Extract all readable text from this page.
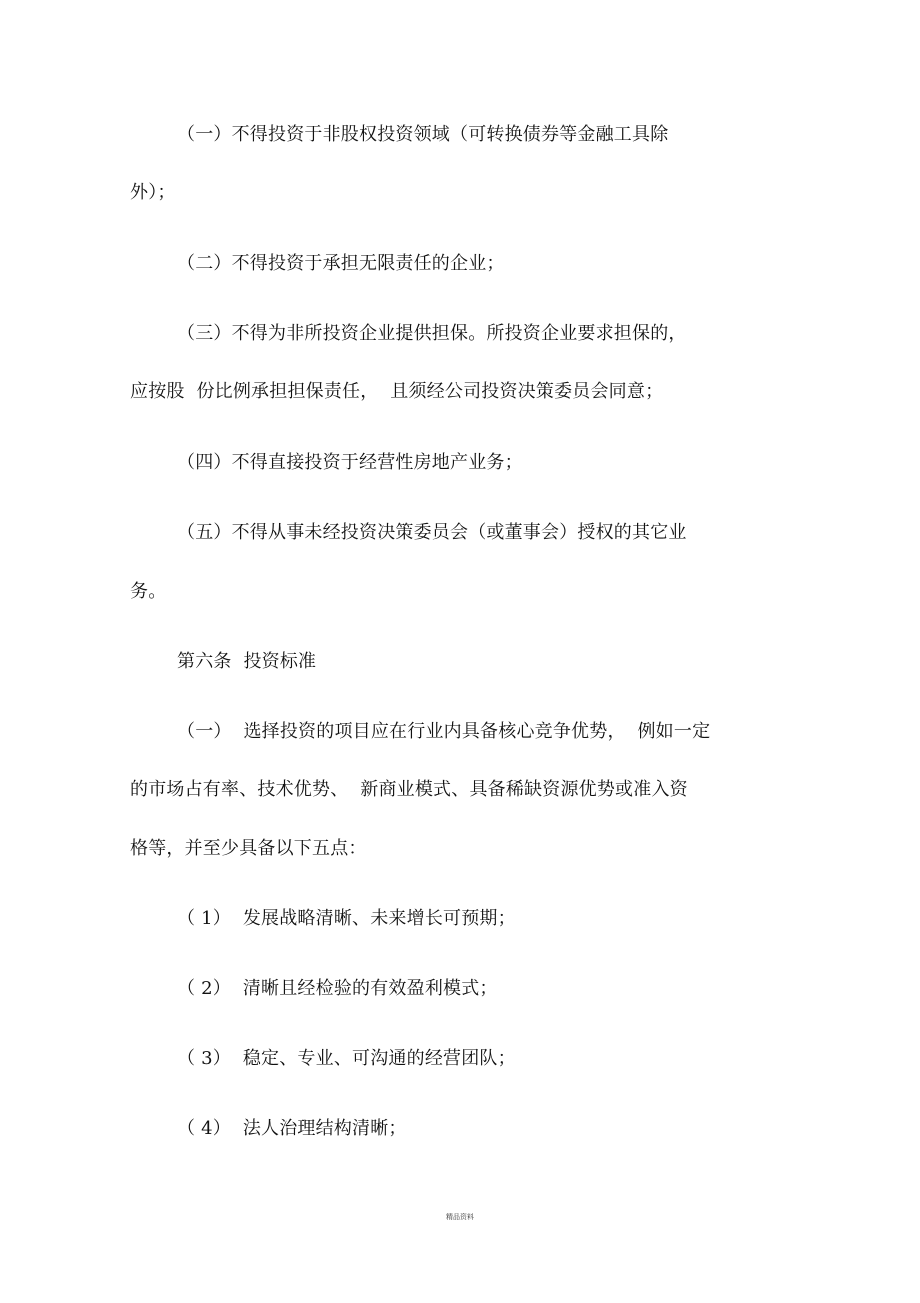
（一）不得投资于非股权投资领域（可转换债券等金融工具除
外）；
（二）不得投资于承担无限责任的企业；
（三）不得为非所投资企业提供担保。所投资企业要求担保的，
应按股  份比例承担担保责任，  且须经公司投资决策委员会同意；
（四）不得直接投资于经营性房地产业务；
（五）不得从事未经投资决策委员会（或董事会）授权的其它业
务。
第六条  投资标准
（一）  选择投资的项目应在行业内具备核心竞争优势，  例如一定
的市场占有率、技术优势、  新商业模式、具备稀缺资源优势或准入资
格等，并至少具备以下五点：
（ 1）  发展战略清晰、未来增长可预期；
（ 2）  清晰且经检验的有效盈利模式；
（ 3）  稳定、专业、可沟通的经营团队；
（ 4）  法人治理结构清晰；
精品资料
